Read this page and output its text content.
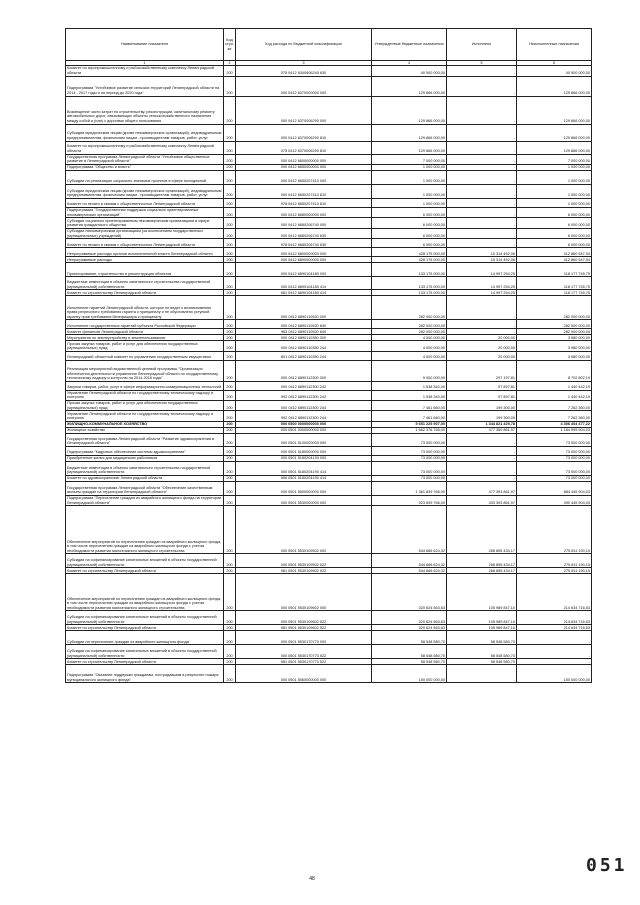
Наименование показателя	Код стро- ки	Код расхода по бюджетной классификации	Утвержденные бюджетные назначения	Исполнено	Неисполненные назначения
1	2	3	4	5	6
Комитет по агропромышленному и рыбохозяйственному комплексу Ленинградской области	200	075 0412 6340606240 630	40 500 000,00	-	40 500 000,00
Подпрограмма "Устойчивое развитие сельских территорий Ленинградской области на 2014 - 2017 годы и на период до 2020 года"	200	000 0412 6370000000 000	129 866 000,00	-	129 866 000,00
Возмещение части затрат по строительству, реконструкции, капитальному ремонту автомобильных дорог, связывающих объекты сельскохозяйственного назначения между собой и (или) с дорогами общего пользования	200	000 0412 6370006290 000	129 866 000,00	-	129 866 000,00
Субсидии юридическим лицам (кроме некоммерческих организаций), индивидуальным предпринимателям, физическим лицам - производителям товаров, работ, услуг	200	000 0412 6370006290 810	129 866 000,00	-	129 866 000,00
Комитет по агропромышленному и рыбохозяйственному комплексу Ленинградской области	200	075 0412 6370006290 810	129 866 000,00	-	129 866 000,00
Государственная программа Ленинградской области "Устойчивое общественное развитие в Ленинградской области"	200	000 0412 6600000000 000	7 000 000,00	-	7 000 000,00
Подпрограмма "Общество и власть"	200	000 0412 6650000000 000	1 000 000,00	-	1 000 000,00
Субсидии на реализацию социально значимых проектов в сфере молодежной	200	000 0412 6650207410 000	1 000 000,00	-	1 000 000,00
Субсидии юридическим лицам (кроме некоммерческих организаций), индивидуальным предпринимателям, физическим лицам - производителям товаров, работ, услуг	200	000 0412 6650207410 810	1 000 000,00	-	1 000 000,00
Комитет по печати и связям с общественностью Ленинградской области	200	978 0412 6650207410 810	1 000 000,00	-	1 000 000,00
Подпрограмма "Государственная поддержка социально ориентированных некоммерческих организаций"	200	000 0412 6680000000 000	6 000 000,00	-	6 000 000,00
Субсидии социально ориентированным некоммерческим организациям в сфере развития гражданского общества	200	000 0412 6680206740 000	6 000 000,00	-	6 000 000,00
Субсидии некоммерческим организациям (за исключением государственных (муниципальных) учреждений)	200	000 0412 6680206740 630	6 000 000,00	-	6 000 000,00
Комитет по печати и связям с общественностью Ленинградской области	200	978 0412 6680206740 630	6 000 000,00	-	6 000 000,00
Непрограммные расходы органов исполнительной власти Ленинградской области	200	000 0412 6800000000 000	428 175 000,00	15 314 452,06	412 860 547,94
Непрограммные расходы	200	000 0412 6890000000 000	428 175 000,00	15 314 452,06	412 860 547,94
Проектирование, строительство и реконструкция объектов	200	000 0412 6890104180 000	133 175 000,00	14 997 254,25	118 177 745,75
Бюджетные инвестиции в объекты капитального строительства государственной (муниципальной) собственности	200	000 0412 6890104180 414	133 175 000,00	14 997 254,25	118 177 745,75
Комитет по строительству Ленинградской области	200	981 0412 6890104180 414	133 175 000,00	14 997 254,25	118 177 745,75
Исполнение гарантий Ленинградской области, которое не ведет к возникновению права регрессного требования гаранта к принципалу и не обусловлено уступкой гаранту прав требования бенефициара к принципалу	200	000 0412 6890110520 000	282 000 000,00	-	282 000 000,00
Исполнение государственных гарантий субъекта Российской Федерации	200	000 0412 6890110520 840	282 000 000,00	-	282 000 000,00
Комитет финансов Ленинградской области	200	963 0412 6890110520 840	282 000 000,00	-	282 000 000,00
Мероприятия по землеустройству и землепользованию	200	000 0412 6890110350 000	4 000 000,00	20 000,00	3 980 000,00
Прочая закупка товаров, работ и услуг для обеспечения государственных (муниципальных) нужд	200	000 0412 6890110350 244	4 000 000,00	20 000,00	3 980 000,00
Ленинградский областной комитет по управлению государственным имуществом	200	801 0412 6890110350 244	4 000 000,00	20 000,00	3 980 000,00
Реализация мероприятий ведомственной целевой программы "Организация обеспечения деятельности управления Ленинградской области по государственному техническому надзору и контролю на 2014-2016 годы"	200	000 0412 6890112300 000	9 000 000,00	297 197,81	8 702 802,19
Закупка товаров, работ, услуг в сфере информационно-коммуникационных технологий	200	000 0412 6890112300 242	1 538 340,00	97 897,81	1 440 442,19
Управление Ленинградской области по государственному техническому надзору и контролю	200	992 0412 6890112300 242	1 538 340,00	97 897,81	1 440 442,19
Прочая закупка товаров, работ и услуг для обеспечения государственных (муниципальных) нужд	200	000 0412 6890112300 244	7 461 660,00	199 300,00	7 262 360,00
Управление Ленинградской области по государственному техническому надзору и контролю	200	992 0412 6890112300 244	7 461 660,00	199 300,00	7 262 360,00
ЖИЛИЩНО-КОММУНАЛЬНОЕ ХОЗЯЙСТВО	200	000 0500 0000000000 000	5 651 225 907,00	1 344 821 429,78	4 306 404 477,22
Жилищное хозяйство	200	000 0501 0000000000 000	1 662 376 766,00	477 380 861,97	1 184 995 904,03
Государственная программа Ленинградской области "Развитие здравоохранения в Ленинградской области"	200	000 0501 5100000000 000	73 000 000,00	-	73 000 000,00
Подпрограмма "Кадровое обеспечение системы здравоохранения"	200	000 0501 5180000000 000	73 000 000,00	-	73 000 000,00
Приобретение жилья для медицинских работников	200	000 0501 5180204190 000	73 000 000,00	-	73 000 000,00
Бюджетные инвестиции в объекты капитального строительства государственной (муниципальной) собственности	200	000 0501 5180204190 414	73 000 000,00	-	73 000 000,00
Комитет по здравоохранению Ленинградской области	200	956 0501 5180204190 414	73 000 000,00	-	73 000 000,00
Государственная программа Ленинградской области "Обеспечение качественным жильем граждан на территории Ленинградской области"	200	000 0501 5500000000 000	1 361 839 766,00	477 393 861,97	884 445 904,03
Подпрограмма "Переселение граждан из аварийного жилищного фонда на территории Ленинградской области"	200	000 0501 5530000000 000	923 839 766,00	433 393 861,97	490 445 904,03
Обеспечение мероприятий по переселению граждан из аварийного жилищного фонда, в том числе переселению граждан из аварийного жилищного фонда с учетом необходимости развития малоэтажного жилищного строительства	200	000 0501 5530109502 000	544 666 624,32	268 855 434,17	275 811 190,15
Субсидии на софинансирование капитальных вложений в объекты государственной (муниципальной) собственности	200	000 0501 5530109502 522	544 666 624,32	268 855 434,17	275 811 190,15
Комитет по строительству Ленинградской области	200	981 0501 5530109502 522	544 666 624,32	268 855 434,17	275 811 190,15
Обеспечение мероприятий по переселению граждан из аварийного жилищного фонда, в том числе переселению граждан из аварийного жилищного фонда с учетом необходимости развития малоэтажного жилищного строительства	200	000 0501 5530109602 000	320 624 563,63	105 989 847,10	214 634 716,53
Субсидии на софинансирование капитальных вложений в объекты государственной (муниципальной) собственности	200	000 0501 5530109602 522	320 624 563,63	105 989 847,10	214 634 716,53
Комитет по строительству Ленинградской области	200	981 0501 5530109602 522	320 624 563,63	105 989 847,10	214 634 716,53
Субсидии на переселение граждан из аварийного жилищного фонда	200	000 0501 5530170770 000	58 548 580,70	58 548 580,70	-
Субсидии на софинансирование капитальных вложений в объекты государственной (муниципальной) собственности	200	000 0501 5530170770 522	58 548 580,70	58 548 580,70	-
Комитет по строительству Ленинградской области	200	981 0501 5530170770 522	58 548 580,70	58 548 580,70	-
Подпрограмма "Оказание поддержки гражданам, пострадавшим в результате пожара муниципального жилищного фонда"	200	000 0501 5560000000 000	150 000 000,00	-	150 000 000,00
48
051
